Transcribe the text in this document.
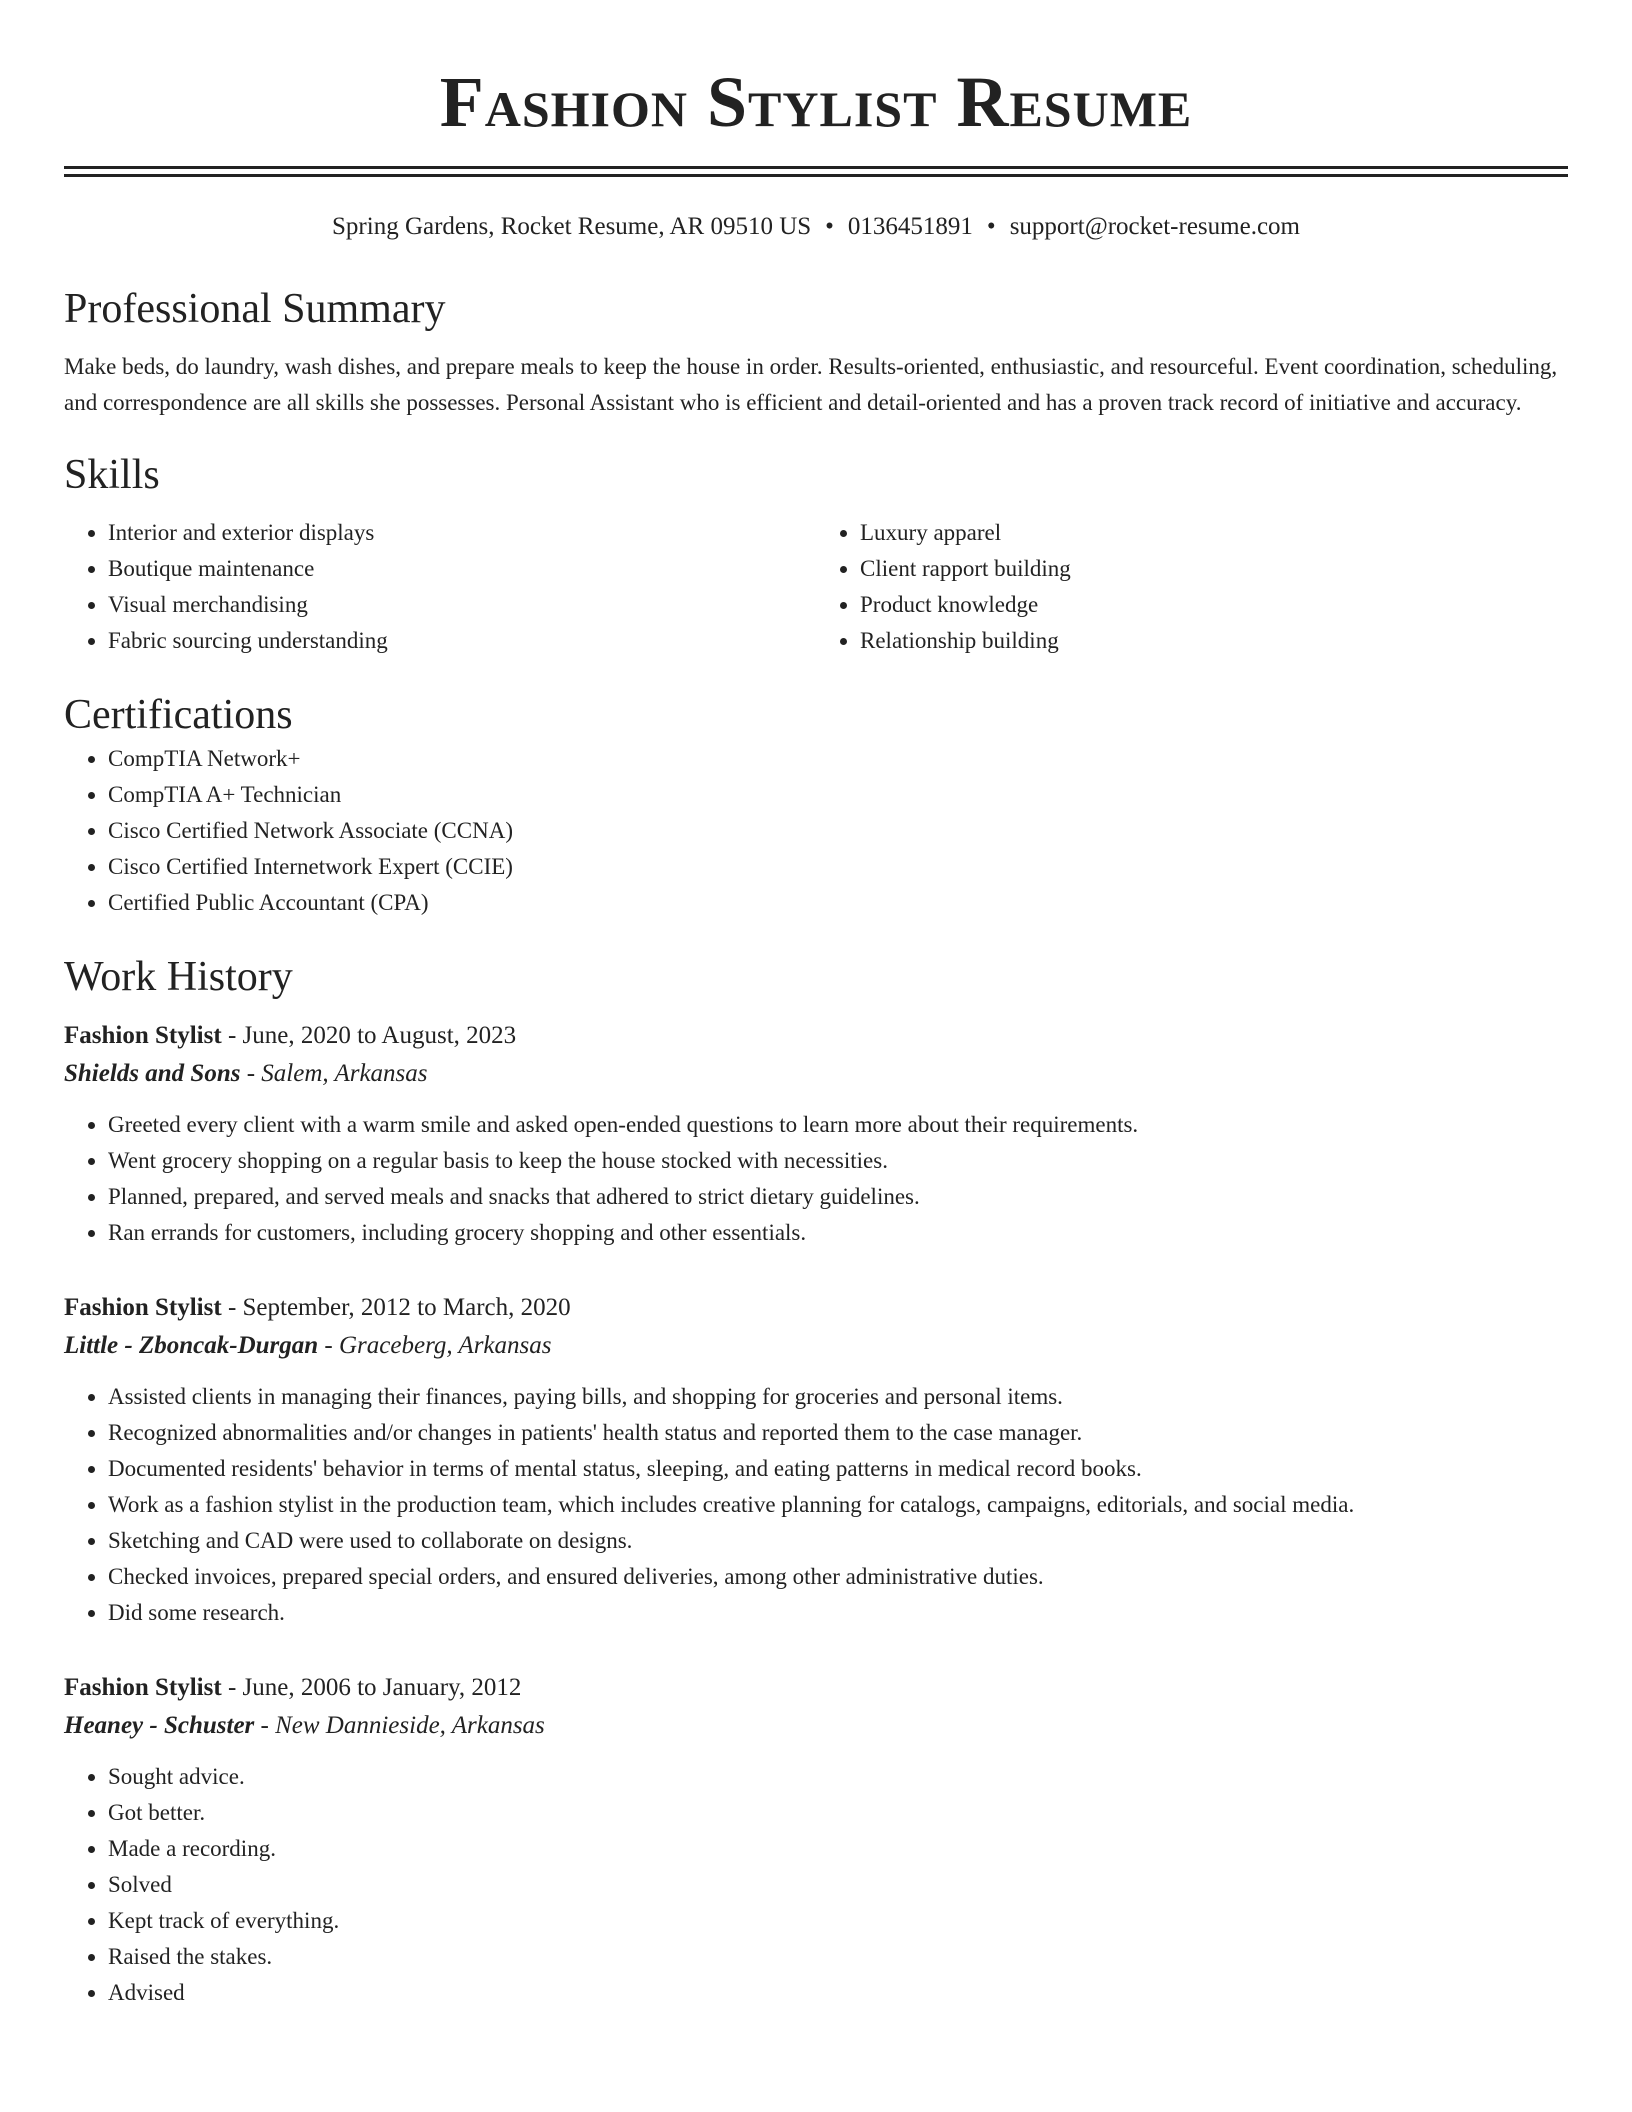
Fashion Stylist Resume
Spring Gardens, Rocket Resume, AR 09510 US • 0136451891 • support@rocket-resume.com
Professional Summary

Make beds, do laundry, wash dishes, and prepare meals to keep the house in order. Results-oriented, enthusiastic, and resourceful. Event coordination, scheduling, and correspondence are all skills she possesses. Personal Assistant who is efficient and detail-oriented and has a proven track record of initiative and accuracy.

Skills
• Interior and exterior displays
• Boutique maintenance
• Visual merchandising
• Fabric sourcing understanding
• Luxury apparel
• Client rapport building
• Product knowledge
• Relationship building
Certifications
• CompTIA Network+
• CompTIA A+ Technician
• Cisco Certified Network Associate (CCNA)
• Cisco Certified Internetwork Expert (CCIE)
• Certified Public Accountant (CPA)
Work History
Fashion Stylist - June, 2020 to August, 2023
Shields and Sons - Salem, Arkansas
• Greeted every client with a warm smile and asked open-ended questions to learn more about their requirements.
• Went grocery shopping on a regular basis to keep the house stocked with necessities.
• Planned, prepared, and served meals and snacks that adhered to strict dietary guidelines.
• Ran errands for customers, including grocery shopping and other essentials.
Fashion Stylist - September, 2012 to March, 2020
Little - Zboncak-Durgan - Graceberg, Arkansas
• Assisted clients in managing their finances, paying bills, and shopping for groceries and personal items.
• Recognized abnormalities and/or changes in patients' health status and reported them to the case manager.
• Documented residents' behavior in terms of mental status, sleeping, and eating patterns in medical record books.
• Work as a fashion stylist in the production team, which includes creative planning for catalogs, campaigns, editorials, and social media.
• Sketching and CAD were used to collaborate on designs.
• Checked invoices, prepared special orders, and ensured deliveries, among other administrative duties.
• Did some research.
Fashion Stylist - June, 2006 to January, 2012
Heaney - Schuster - New Dannieside, Arkansas
• Sought advice.
• Got better.
• Made a recording.
• Solved
• Kept track of everything.
• Raised the stakes.
• Advised
